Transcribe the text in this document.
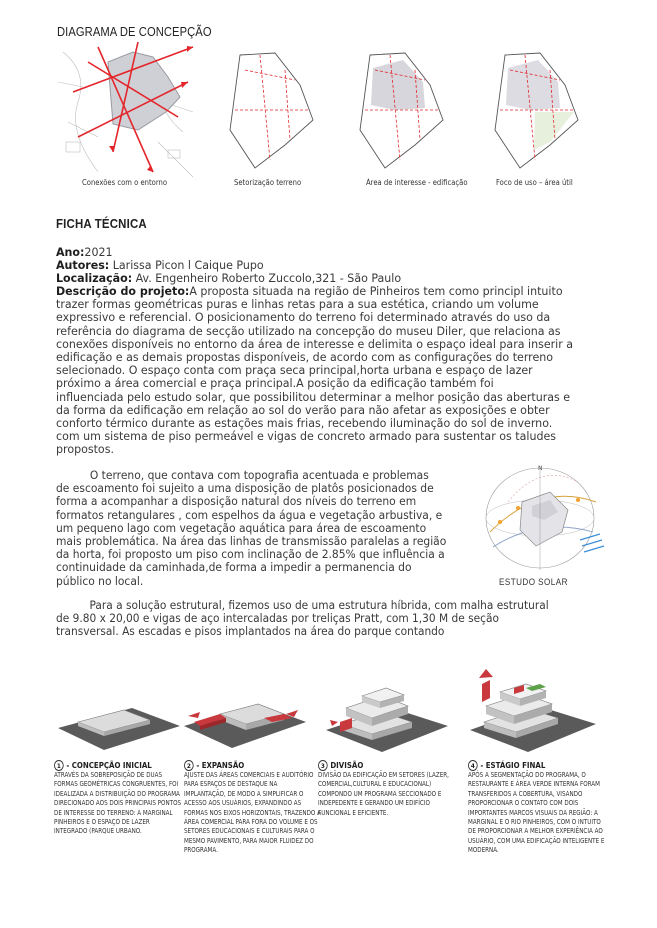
DIAGRAMA DE CONCEPÇÃO
Conexões com o entorno	Setorização terreno	Área de interesse - edificação	Foco de uso – área útil
FICHA TÉCNICA
Ano:2021
Autores: Larissa Picon l Caique Pupo
Localização: Av. Engenheiro Roberto Zuccolo,321 - São Paulo
Descrição do projeto:A proposta situada na região de Pinheiros tem como principl intuito
trazer formas geométricas puras e linhas retas para a sua estética, criando um volume
expressivo e referencial. O posicionamento do terreno foi determinado através do uso da
referência do diagrama de secção utilizado na concepção do museu Diler, que relaciona as
conexões disponíveis no entorno da área de interesse e delimita o espaço ideal para inserir a
edificação e as demais propostas disponíveis, de acordo com as configurações do terreno
selecionado. O espaço conta com praça seca principal,horta urbana e espaço de lazer
próximo a área comercial e praça principal.A posição da edificação também foi
influenciada pelo estudo solar, que possibilitou determinar a melhor posição das aberturas e
da forma da edificação em relação ao sol do verão para não afetar as exposições e obter
conforto térmico durante as estações mais frias, recebendo iluminação do sol de inverno.
com um sistema de piso permeável e vigas de concreto armado para sustentar os taludes
propostos.
O terreno, que contava com topografia acentuada e problemas
de escoamento foi sujeito a uma disposição de platôs posicionados de
forma a acompanhar a disposição natural dos níveis do terreno em
formatos retangulares , com espelhos da água e vegetação arbustiva, e
um pequeno lago com vegetação aquática para área de escoamento
mais problemática. Na área das linhas de transmissão paralelas a região
da horta, foi proposto um piso com inclinação de 2.85% que influência a
continuidade da caminhada,de forma a impedir a permanencia do
público no local.
Para a solução estrutural, fizemos uso de uma estrutura híbrida, com malha estrutural
de 9.80 x 20,00 e vigas de aço intercaladas por treliças Pratt, com 1,30 M de seção
transversal. As escadas e pisos implantados na área do parque contando
N
ESTUDO SOLAR
1 - CONCEPÇÃO INICIAL
ATRAVÉS DA SOBREPOSIÇÃO DE DUAS
FORMAS GEOMÉTRICAS CONGRUENTES, FOI
IDEALIZADA A DISTRIBUIÇÃO DO PROGRAMA
DIRECIONADO AOS DOIS PRINCIPAIS PONTOS
DE INTERESSE DO TERRENO: A MARGINAL
PINHEIROS E O ESPAÇO DE LAZER
INTEGRADO (PARQUE URBANO.
2 - EXPANSÃO
AJUSTE DAS ÁREAS COMERCIAIS E AUDITÓRIO
PARA ESPAÇOS DE DESTAQUE NA
IMPLANTAÇÃO, DE MODO A SIMPLIFICAR O
ACESSO AOS USUÁRIOS, EXPANDINDO AS
FORMAS NOS EIXOS HORIZONTAIS, TRAZENDO A
ÁREA COMERCIAL PARA FORA DO VOLUME E OS
SETORES EDUCACIONAIS E CULTURAIS PARA O
MESMO PAVIMENTO, PARA MAIOR FLUIDEZ DO
PROGRAMA.
3 DIVISÃO
DIVISÃO DA EDIFICAÇÃO EM SETORES (LAZER,
COMERCIAL,CULTURAL E EDUCACIONAL)
COMPONDO UM PROGRAMA SECCIONADO E
INDEPEDENTE E GERANDO UM EDIFÍCIO
FUNCIONAL E EFICIENTE.
4 - ESTÁGIO FINAL
APÓS A SEGMENTAÇÃO DO PROGRAMA, O
RESTAURANTE E ÁREA VERDE INTERNA FORAM
TRANSFERIDOS A COBERTURA, VISANDO
PROPORCIONAR O CONTATO COM DOIS
IMPORTANTES MARCOS VISUAIS DA REGIÃO: A
MARGINAL E O RIO PINHEIROS, COM O INTUITO
DE PROPORCIONAR A MELHOR EXPERIÊNCIA AO
USUÁRIO, COM UMA EDIFICAÇÃO INTELIGENTE E
MODERNA.
